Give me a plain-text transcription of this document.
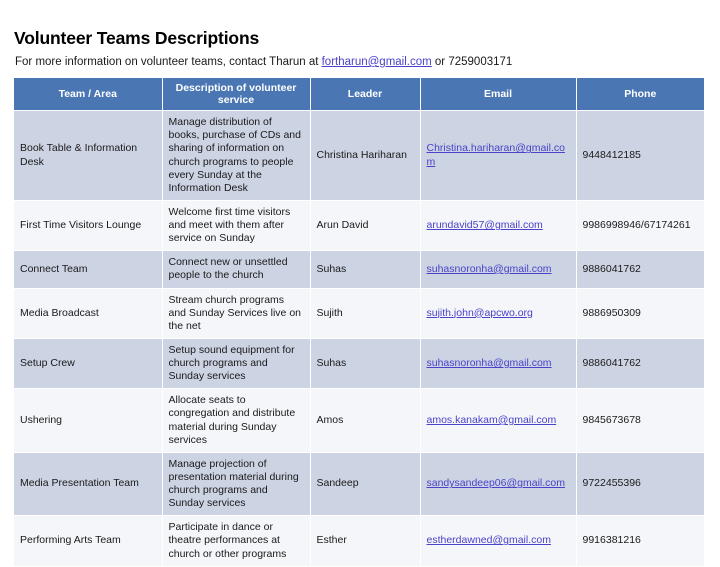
Volunteer Teams Descriptions
For more information on volunteer teams, contact Tharun at fortharun@gmail.com or 7259003171
Team / Area	Description of volunteer service	Leader	Email	Phone
Book Table & Information Desk	Manage distribution of books, purchase of CDs and sharing of information on church programs to people every Sunday at the Information Desk	Christina Hariharan	Christina.hariharan@gmail.com	9448412185
First Time Visitors Lounge	Welcome first time visitors and meet with them after service on Sunday	Arun David	arundavid57@gmail.com	9986998946/67174261
Connect Team	Connect new or unsettled people to the church	Suhas	suhasnoronha@gmail.com	9886041762
Media Broadcast	Stream church programs and Sunday Services live on the net	Sujith	sujith.john@apcwo.org	9886950309
Setup Crew	Setup sound equipment for church programs and Sunday services	Suhas	suhasnoronha@gmail.com	9886041762
Ushering	Allocate seats to congregation and distribute material during Sunday services	Amos	amos.kanakam@gmail.com	9845673678
Media Presentation Team	Manage projection of presentation material during church programs and Sunday services	Sandeep	sandysandeep06@gmail.com	9722455396
Performing Arts Team	Participate in dance or theatre performances at church or other programs	Esther	estherdawned@gmail.com	9916381216
